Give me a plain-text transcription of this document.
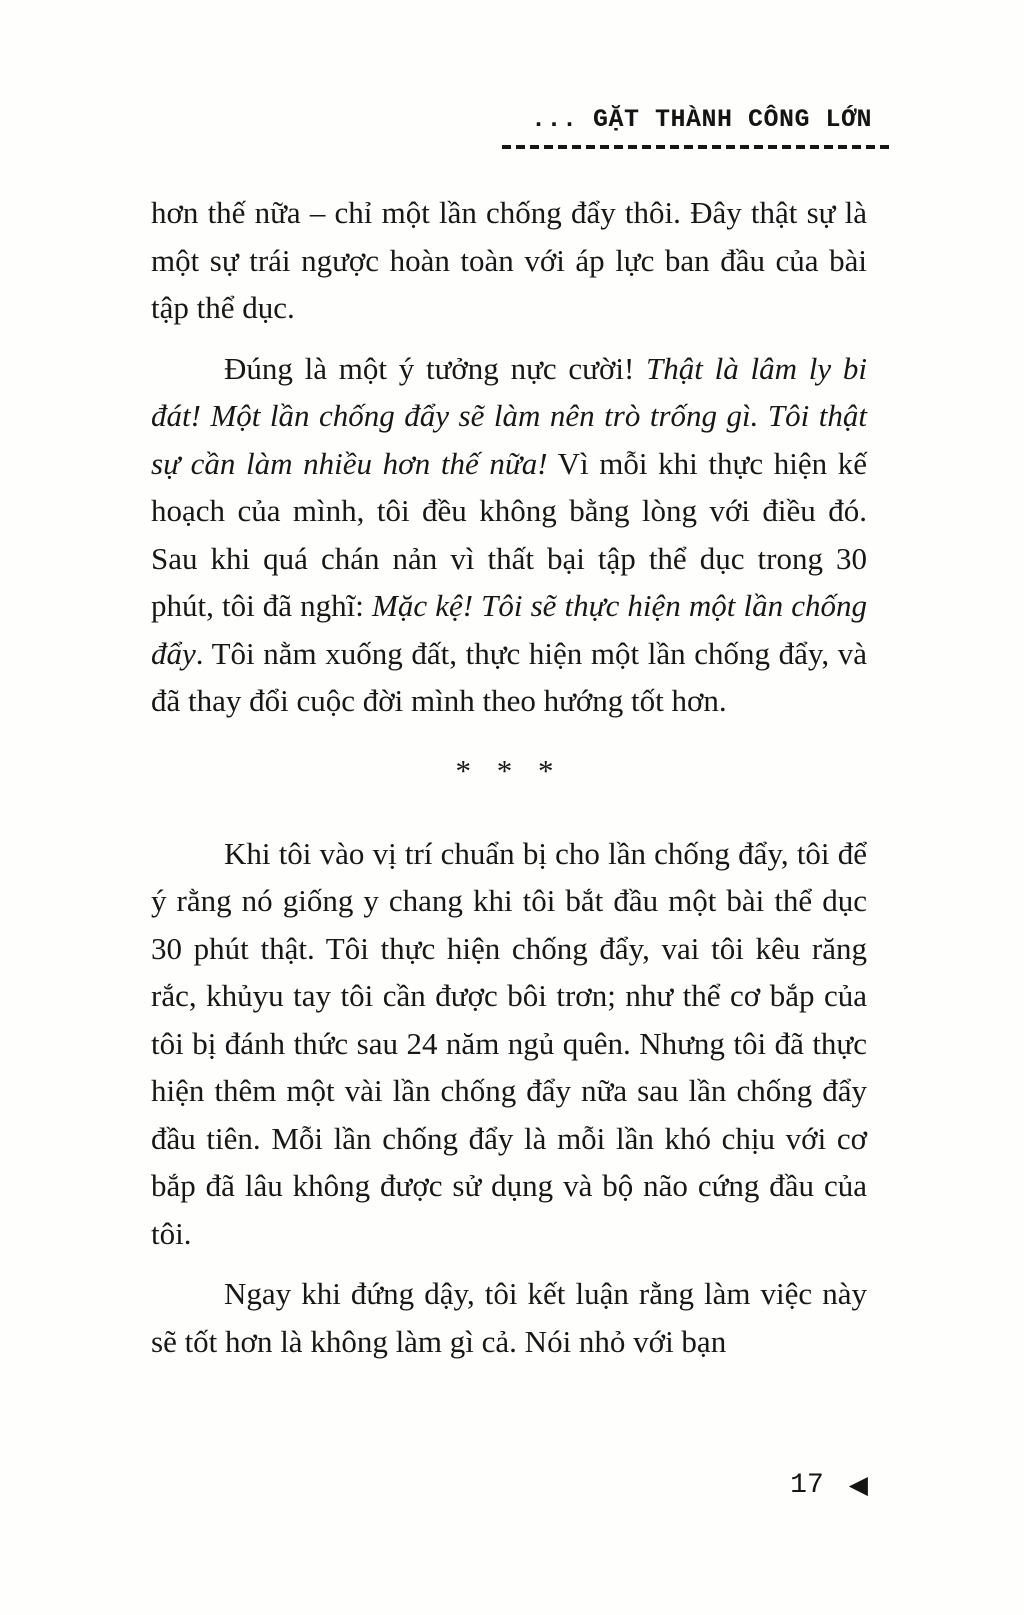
... GẶT THÀNH CÔNG LỚN

hơn thế nữa – chỉ một lần chống đẩy thôi. Đây thật sự là một sự trái ngược hoàn toàn với áp lực ban đầu của bài tập thể dục.

Đúng là một ý tưởng nực cười! Thật là lâm ly bi đát! Một lần chống đẩy sẽ làm nên trò trống gì. Tôi thật sự cần làm nhiều hơn thế nữa! Vì mỗi khi thực hiện kế hoạch của mình, tôi đều không bằng lòng với điều đó. Sau khi quá chán nản vì thất bại tập thể dục trong 30 phút, tôi đã nghĩ: Mặc kệ! Tôi sẽ thực hiện một lần chống đẩy. Tôi nằm xuống đất, thực hiện một lần chống đẩy, và đã thay đổi cuộc đời mình theo hướng tốt hơn.

* * *

Khi tôi vào vị trí chuẩn bị cho lần chống đẩy, tôi để ý rằng nó giống y chang khi tôi bắt đầu một bài thể dục 30 phút thật. Tôi thực hiện chống đẩy, vai tôi kêu răng rắc, khủyu tay tôi cần được bôi trơn; như thể cơ bắp của tôi bị đánh thức sau 24 năm ngủ quên. Nhưng tôi đã thực hiện thêm một vài lần chống đẩy nữa sau lần chống đẩy đầu tiên. Mỗi lần chống đẩy là mỗi lần khó chịu với cơ bắp đã lâu không được sử dụng và bộ não cứng đầu của tôi.

Ngay khi đứng dậy, tôi kết luận rằng làm việc này sẽ tốt hơn là không làm gì cả. Nói nhỏ với bạn

17 ◀
